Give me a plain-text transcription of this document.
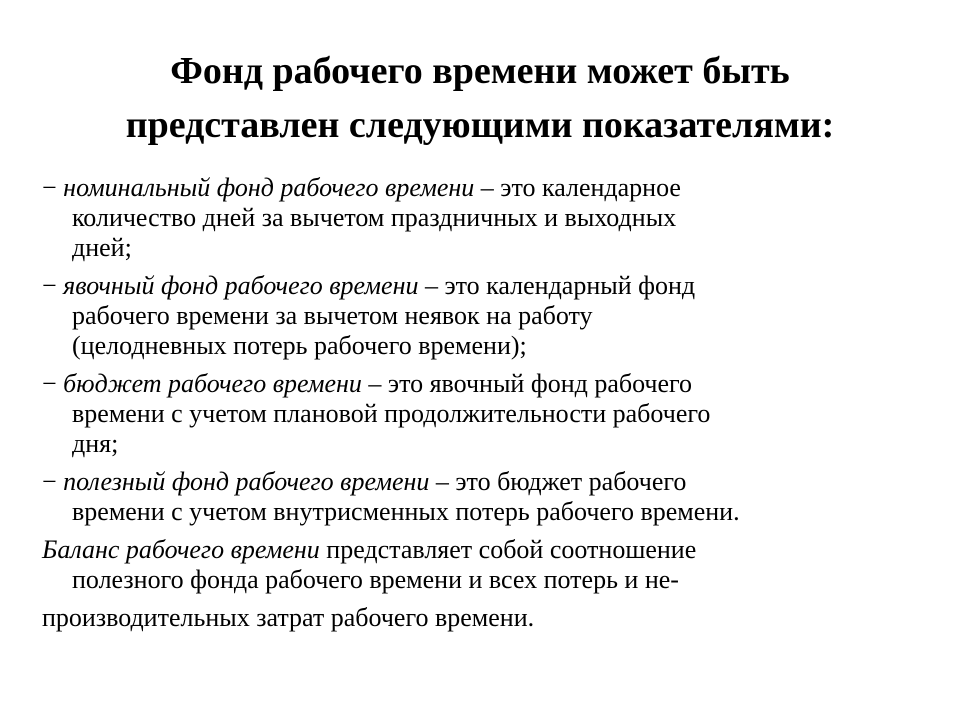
Фонд рабочего времени может быть
представлен следующими показателями:
− номинальный фонд рабочего времени – это календарное
количество дней за вычетом праздничных и выходных
дней;
− явочный фонд рабочего времени – это календарный фонд
рабочего времени за вычетом неявок на работу
(целодневных потерь рабочего времени);
− бюджет рабочего времени – это явочный фонд рабочего
времени с учетом плановой продолжительности рабочего
дня;
− полезный фонд рабочего времени – это бюджет рабочего
времени с учетом внутрисменных потерь рабочего времени.
Баланс рабочего времени представляет собой соотношение
полезного фонда рабочего времени и всех потерь и не-
производительных затрат рабочего времени.
